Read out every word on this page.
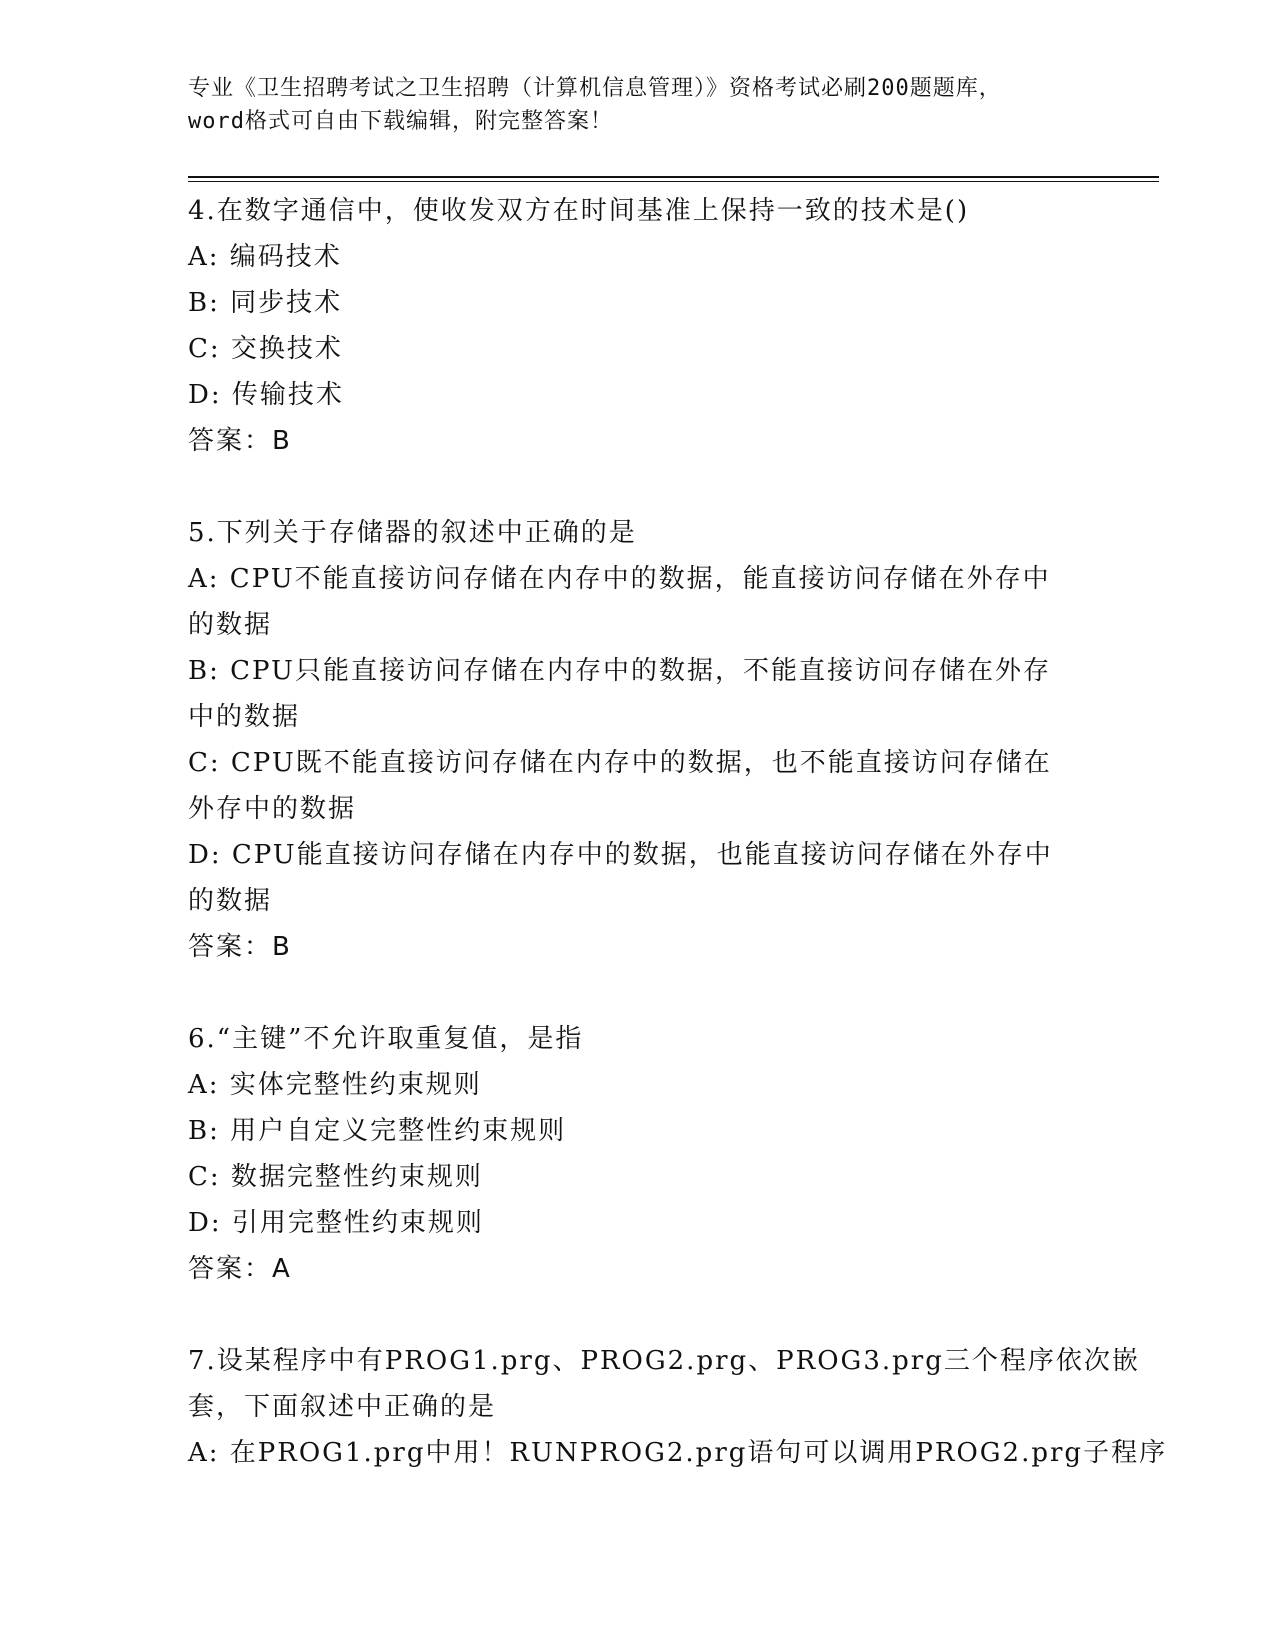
专业《卫生招聘考试之卫生招聘（计算机信息管理）》资格考试必刷200题题库，
word格式可自由下载编辑，附完整答案！
4.在数字通信中，使收发双方在时间基准上保持一致的技术是()
A: 编码技术
B: 同步技术
C: 交换技术
D: 传输技术
答案：B
5.下列关于存储器的叙述中正确的是
A: CPU不能直接访问存储在内存中的数据，能直接访问存储在外存中
的数据
B: CPU只能直接访问存储在内存中的数据，不能直接访问存储在外存
中的数据
C: CPU既不能直接访问存储在内存中的数据，也不能直接访问存储在
外存中的数据
D: CPU能直接访问存储在内存中的数据，也能直接访问存储在外存中
的数据
答案：B
6.“主键”不允许取重复值，是指
A: 实体完整性约束规则
B: 用户自定义完整性约束规则
C: 数据完整性约束规则
D: 引用完整性约束规则
答案：A
7.设某程序中有PROG1.prg、PROG2.prg、PROG3.prg三个程序依次嵌
套，下面叙述中正确的是
A: 在PROG1.prg中用！RUNPROG2.prg语句可以调用PROG2.prg子程序
